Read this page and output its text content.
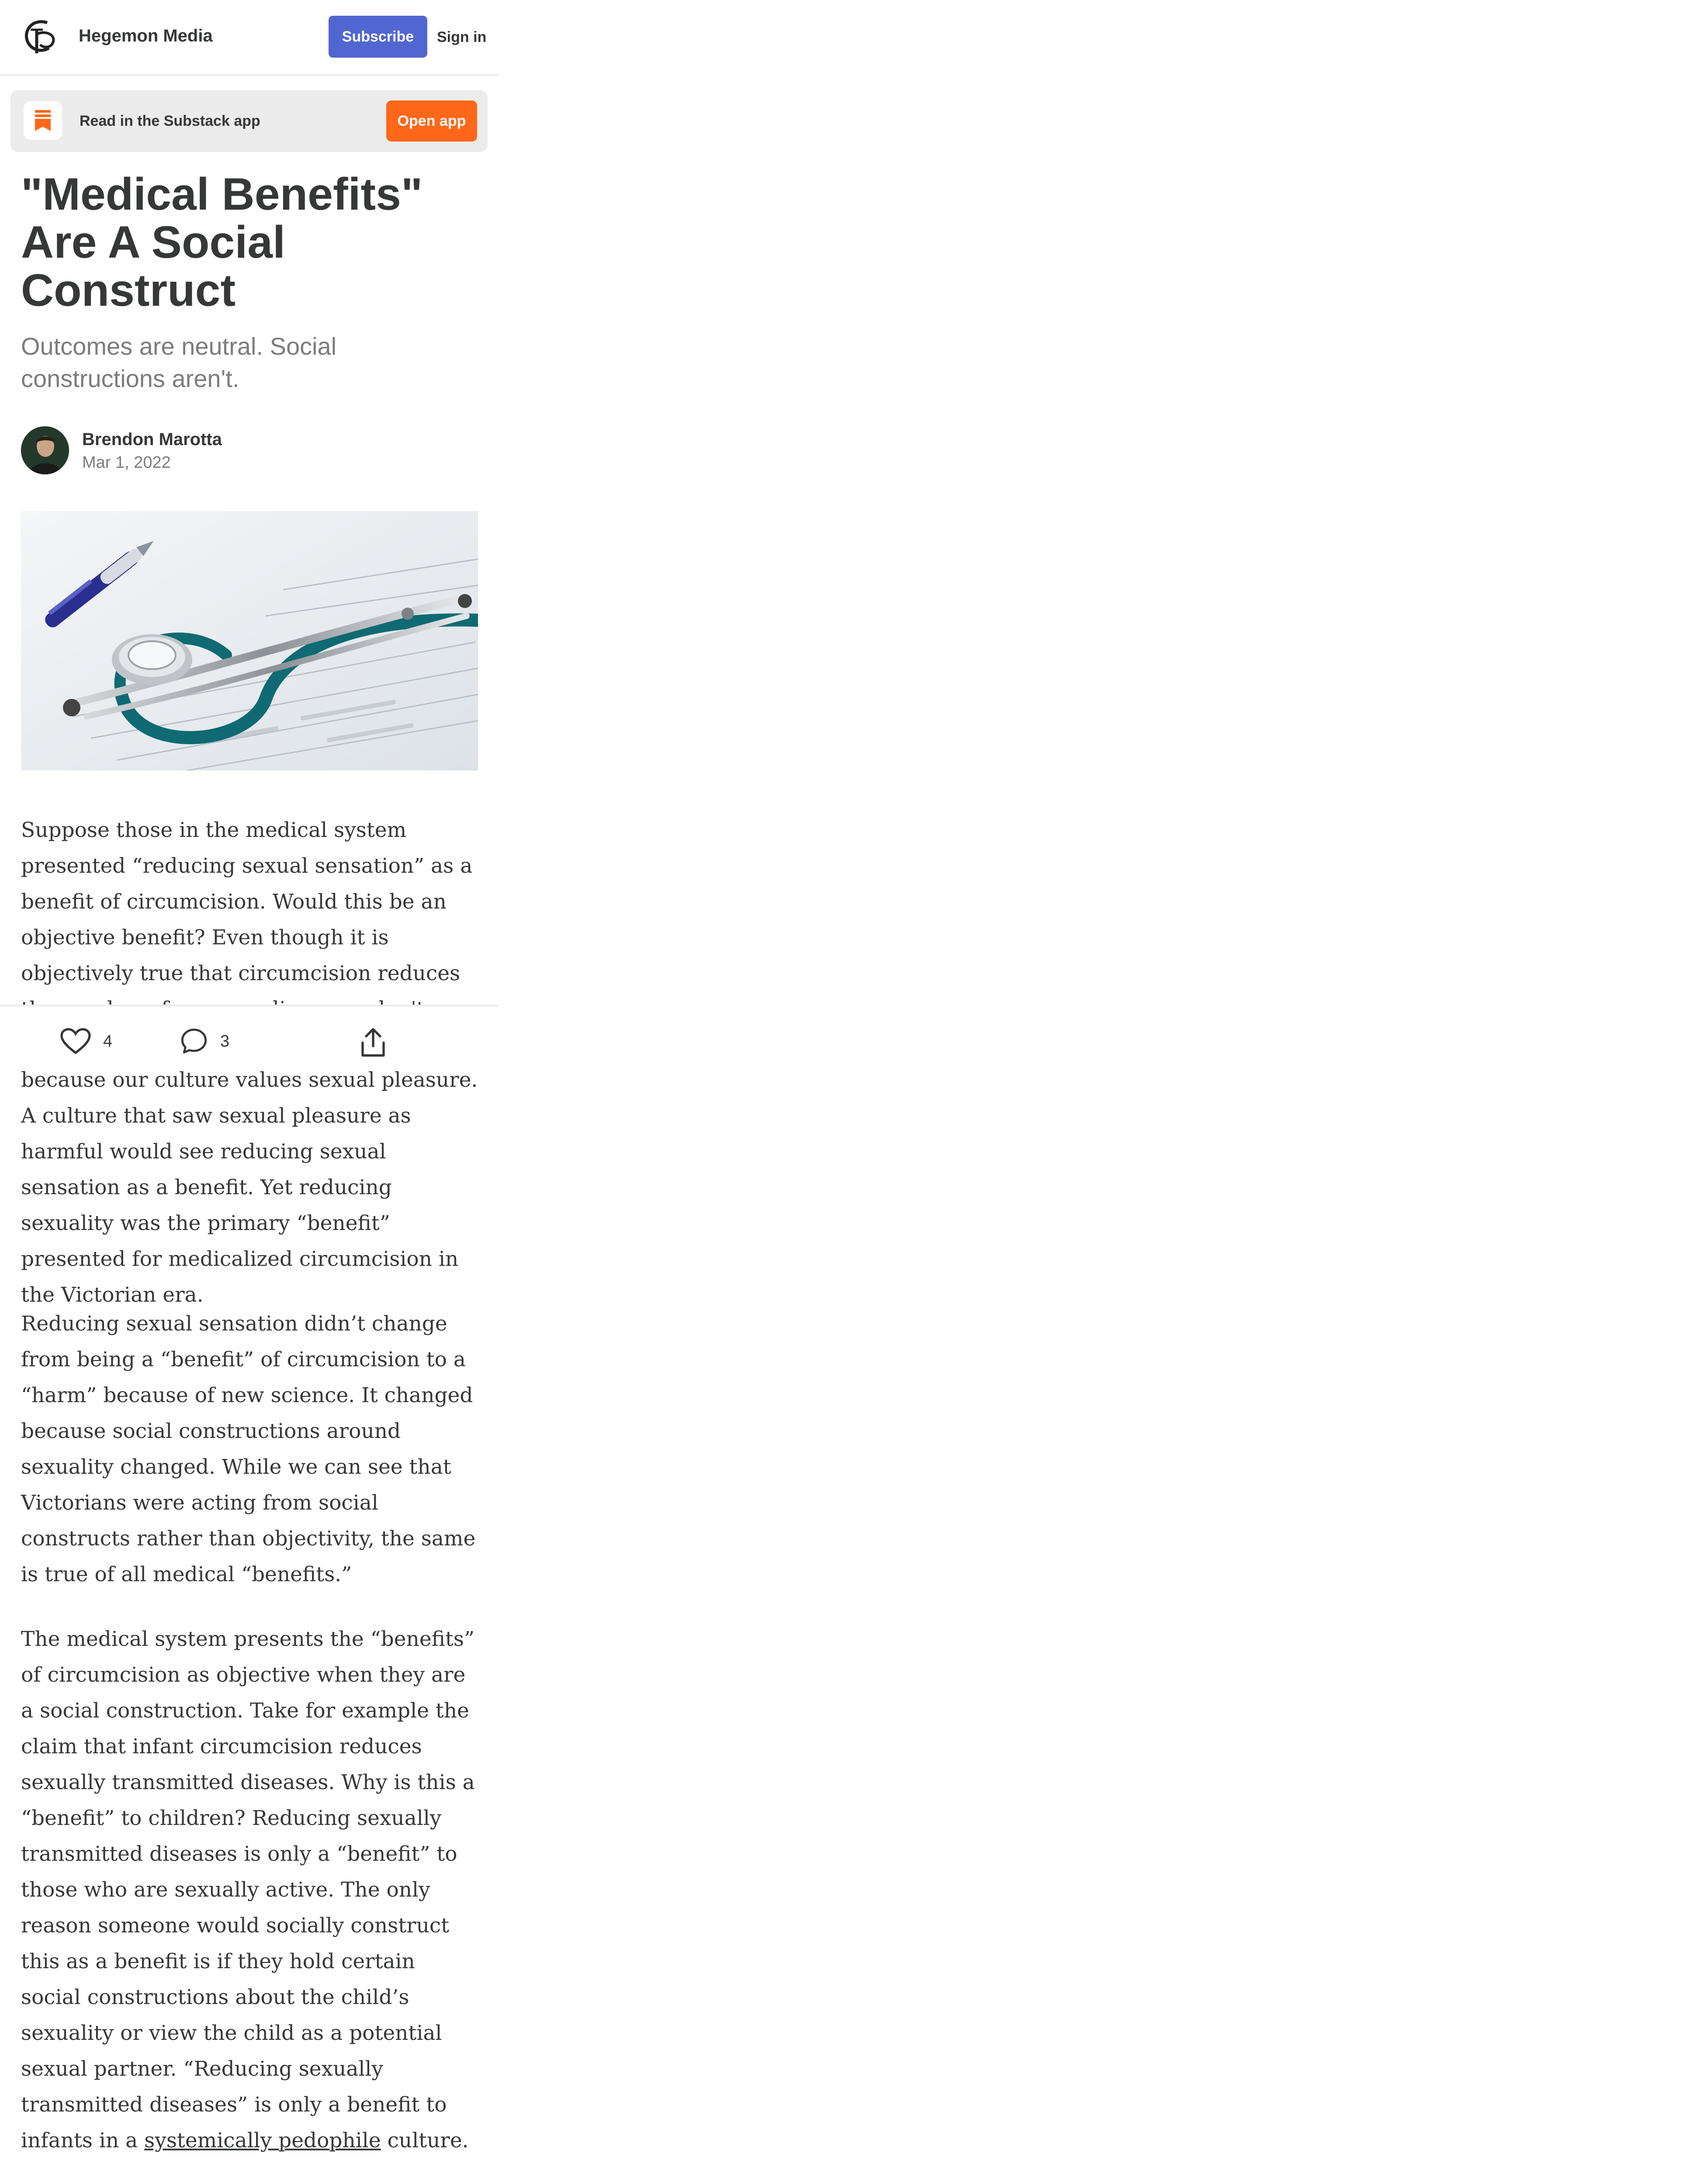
Hegemon Media	Subscribe	Sign in
Read in the Substack app	Open app
"Medical Benefits" Are A Social Construct
Outcomes are neutral. Social constructions aren't.
Brendon Marotta
Mar 1, 2022

Suppose those in the medical system presented “reducing sexual sensation” as a benefit of circumcision. Would this be an objective benefit? Even though it is objectively true that circumcision reduces

4	3

because our culture values sexual pleasure. A culture that saw sexual pleasure as harmful would see reducing sexual sensation as a benefit. Yet reducing sexuality was the primary “benefit” presented for medicalized circumcision in the Victorian era.

Reducing sexual sensation didn’t change from being a “benefit” of circumcision to a “harm” because of new science. It changed because social constructions around sexuality changed. While we can see that Victorians were acting from social constructs rather than objectivity, the same is true of all medical “benefits.”

The medical system presents the “benefits” of circumcision as objective when they are a social construction. Take for example the claim that infant circumcision reduces sexually transmitted diseases. Why is this a “benefit” to children? Reducing sexually transmitted diseases is only a “benefit” to those who are sexually active. The only reason someone would socially construct this as a benefit is if they hold certain social constructions about the child’s sexuality or view the child as a potential sexual partner. “Reducing sexually transmitted diseases” is only a benefit to infants in a systemically pedophile culture.
